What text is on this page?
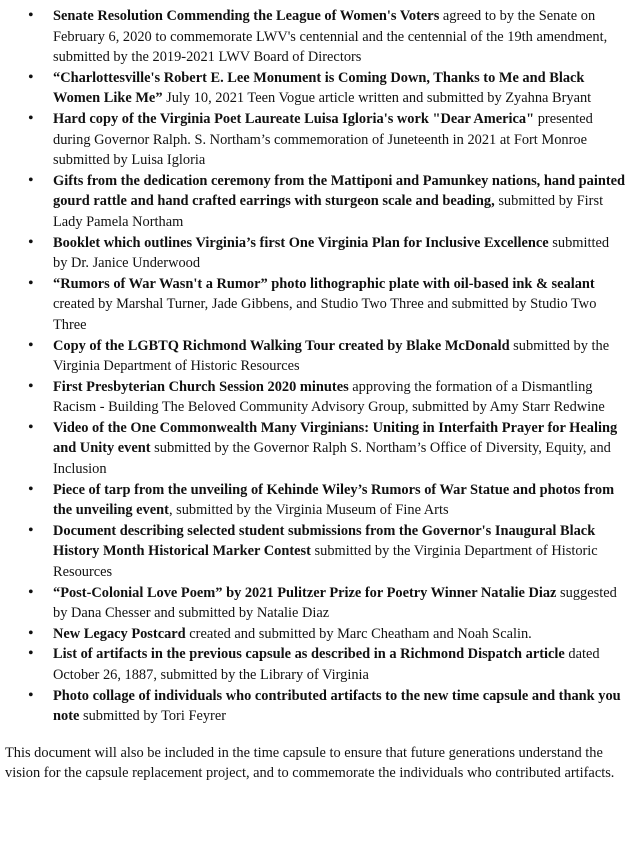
• Senate Resolution Commending the League of Women's Voters agreed to by the Senate on February 6, 2020 to commemorate LWV's centennial and the centennial of the 19th amendment, submitted by the 2019-2021 LWV Board of Directors
• “Charlottesville's Robert E. Lee Monument is Coming Down, Thanks to Me and Black Women Like Me” July 10, 2021 Teen Vogue article written and submitted by Zyahna Bryant
• Hard copy of the Virginia Poet Laureate Luisa Igloria's work "Dear America" presented during Governor Ralph. S. Northam’s commemoration of Juneteenth in 2021 at Fort Monroe submitted by Luisa Igloria
• Gifts from the dedication ceremony from the Mattiponi and Pamunkey nations, hand painted gourd rattle and hand crafted earrings with sturgeon scale and beading, submitted by First Lady Pamela Northam
• Booklet which outlines Virginia’s first One Virginia Plan for Inclusive Excellence submitted by Dr. Janice Underwood
• “Rumors of War Wasn't a Rumor” photo lithographic plate with oil-based ink & sealant created by Marshal Turner, Jade Gibbens, and Studio Two Three and submitted by Studio Two Three
• Copy of the LGBTQ Richmond Walking Tour created by Blake McDonald submitted by the Virginia Department of Historic Resources
• First Presbyterian Church Session 2020 minutes approving the formation of a Dismantling Racism - Building The Beloved Community Advisory Group, submitted by Amy Starr Redwine
• Video of the One Commonwealth Many Virginians: Uniting in Interfaith Prayer for Healing and Unity event submitted by the Governor Ralph S. Northam’s Office of Diversity, Equity, and Inclusion
• Piece of tarp from the unveiling of Kehinde Wiley’s Rumors of War Statue and photos from the unveiling event, submitted by the Virginia Museum of Fine Arts
• Document describing selected student submissions from the Governor's Inaugural Black History Month Historical Marker Contest submitted by the Virginia Department of Historic Resources
• “Post-Colonial Love Poem” by 2021 Pulitzer Prize for Poetry Winner Natalie Diaz suggested by Dana Chesser and submitted by Natalie Diaz
• New Legacy Postcard created and submitted by Marc Cheatham and Noah Scalin.
• List of artifacts in the previous capsule as described in a Richmond Dispatch article dated October 26, 1887, submitted by the Library of Virginia
• Photo collage of individuals who contributed artifacts to the new time capsule and thank you note submitted by Tori Feyrer

This document will also be included in the time capsule to ensure that future generations understand the vision for the capsule replacement project, and to commemorate the individuals who contributed artifacts.
